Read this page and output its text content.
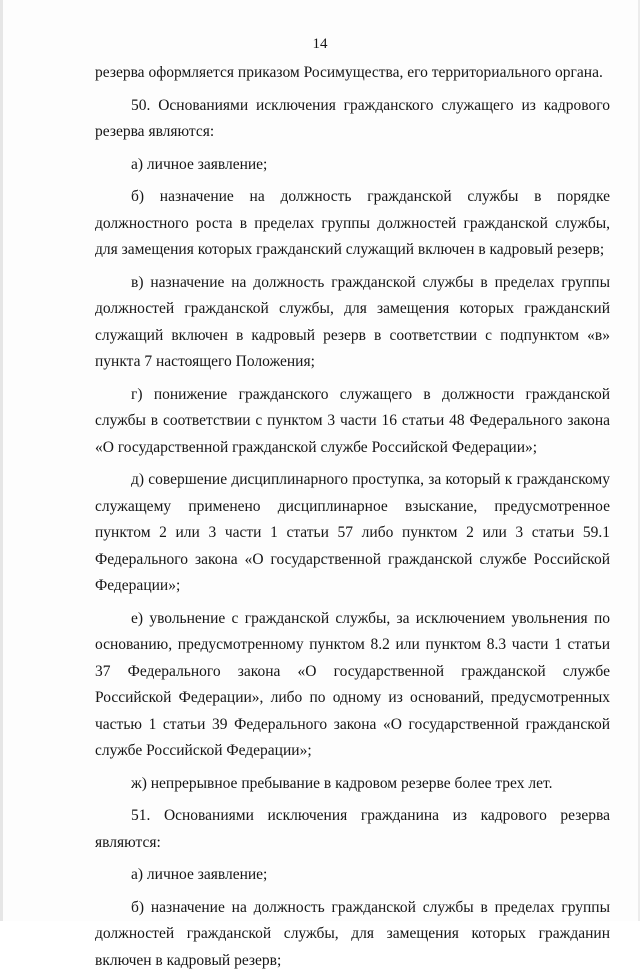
14

резерва оформляется приказом Росимущества, его территориального органа.

50. Основаниями исключения гражданского служащего из кадрового резерва являются:

а) личное заявление;

б) назначение на должность гражданской службы в порядке должностного роста в пределах группы должностей гражданской службы, для замещения которых гражданский служащий включен в кадровый резерв;

в) назначение на должность гражданской службы в пределах группы должностей гражданской службы, для замещения которых гражданский служащий включен в кадровый резерв в соответствии с подпунктом «в» пункта 7 настоящего Положения;

г) понижение гражданского служащего в должности гражданской службы в соответствии с пунктом 3 части 16 статьи 48 Федерального закона «О государственной гражданской службе Российской Федерации»;

д) совершение дисциплинарного проступка, за который к гражданскому служащему применено дисциплинарное взыскание, предусмотренное пунктом 2 или 3 части 1 статьи 57 либо пунктом 2 или 3 статьи 59.1 Федерального закона «О государственной гражданской службе Российской Федерации»;

е) увольнение с гражданской службы, за исключением увольнения по основанию, предусмотренному пунктом 8.2 или пунктом 8.3 части 1 статьи 37 Федерального закона «О государственной гражданской службе Российской Федерации», либо по одному из оснований, предусмотренных частью 1 статьи 39 Федерального закона «О государственной гражданской службе Российской Федерации»;

ж) непрерывное пребывание в кадровом резерве более трех лет.

51. Основаниями исключения гражданина из кадрового резерва являются:

а) личное заявление;

б) назначение на должность гражданской службы в пределах группы должностей гражданской службы, для замещения которых гражданин включен в кадровый резерв;
